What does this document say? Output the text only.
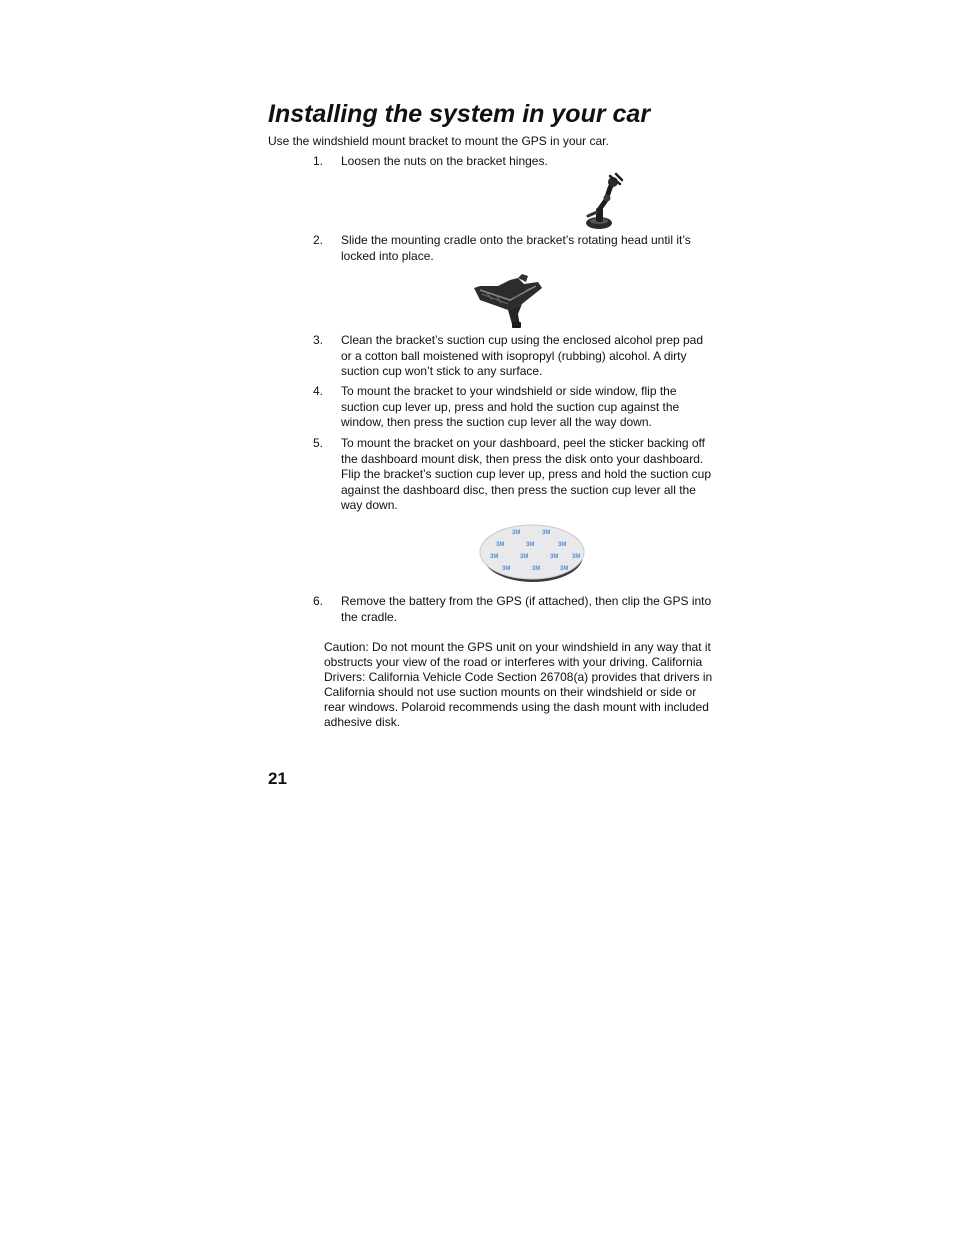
Installing the system in your car

Use the windshield mount bracket to mount the GPS in your car.

1.	Loosen the nuts on the bracket hinges.
2.	Slide the mounting cradle onto the bracket’s rotating head until it’s locked into place.
3.	Clean the bracket’s suction cup using the enclosed alcohol prep pad or a cotton ball moistened with isopropyl (rubbing) alcohol. A dirty suction cup won’t stick to any surface.
4.	To mount the bracket to your windshield or side window, flip the suction cup lever up, press and hold the suction cup against the window, then press the suction cup lever all the way down.
5.	To mount the bracket on your dashboard, peel the sticker backing off the dashboard mount disk, then press the disk onto your dashboard. Flip the bracket’s suction cup lever up, press and hold the suction cup against the dashboard disc, then press the suction cup lever all the way down.
3M	3M
3M	3M	3M
3M	3M	3M 3M
3M	3M	3M
· · · · ·	· · · ·
· · · · ·	· · · · ·
· · · · ·	· · · · ·	· · ·
· · · · ·	· · · · ·
6.	Remove the battery from the GPS (if attached), then clip the GPS into the cradle.

Caution: Do not mount the GPS unit on your windshield in any way that it obstructs your view of the road or interferes with your driving. California Drivers: California Vehicle Code Section 26708(a) provides that drivers in California should not use suction mounts on their windshield or side or rear windows. Polaroid recommends using the dash mount with included adhesive disk.

21
